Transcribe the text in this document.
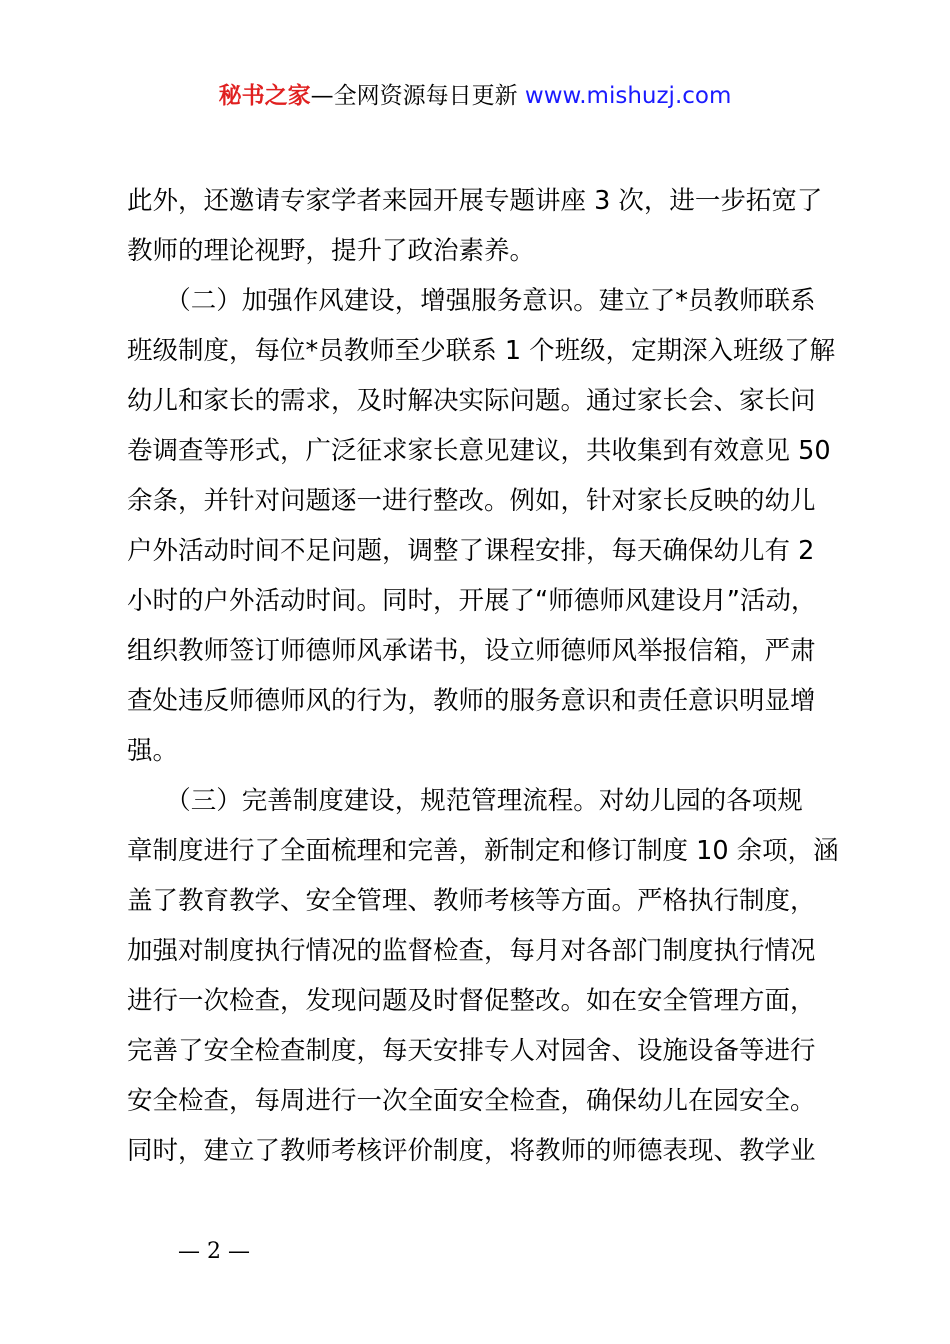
秘书之家—全网资源每日更新 www.mishuzj.com
此外，还邀请专家学者来园开展专题讲座 3 次，进一步拓宽了
教师的理论视野，提升了政治素养。
　　（二）加强作风建设，增强服务意识。建立了*员教师联系
班级制度，每位*员教师至少联系 1 个班级，定期深入班级了解
幼儿和家长的需求，及时解决实际问题。通过家长会、家长问
卷调查等形式，广泛征求家长意见建议，共收集到有效意见 50
余条，并针对问题逐一进行整改。例如，针对家长反映的幼儿
户外活动时间不足问题，调整了课程安排，每天确保幼儿有 2
小时的户外活动时间。同时，开展了“师德师风建设月”活动，
组织教师签订师德师风承诺书，设立师德师风举报信箱，严肃
查处违反师德师风的行为，教师的服务意识和责任意识明显增
强。
　　（三）完善制度建设，规范管理流程。对幼儿园的各项规
章制度进行了全面梳理和完善，新制定和修订制度 10 余项，涵
盖了教育教学、安全管理、教师考核等方面。严格执行制度，
加强对制度执行情况的监督检查，每月对各部门制度执行情况
进行一次检查，发现问题及时督促整改。如在安全管理方面，
完善了安全检查制度，每天安排专人对园舍、设施设备等进行
安全检查，每周进行一次全面安全检查，确保幼儿在园安全。
同时，建立了教师考核评价制度，将教师的师德表现、教学业
— 2 —
